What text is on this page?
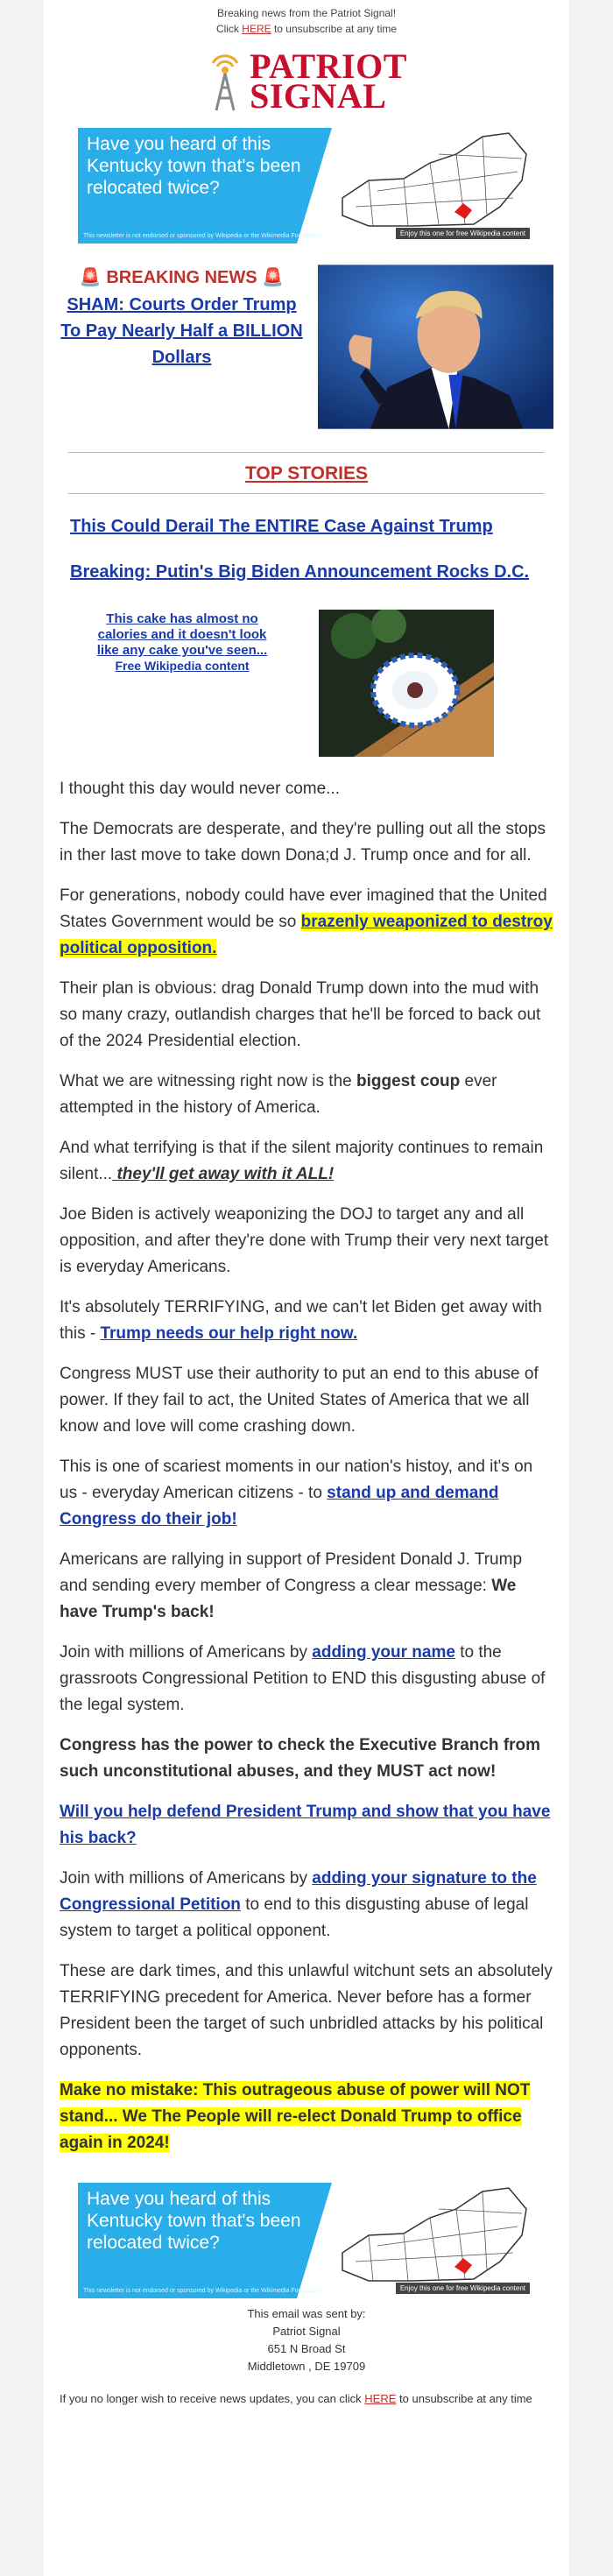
Breaking news from the Patriot Signal!
Click HERE to unsubscribe at any time
PATRIOT
SIGNAL
Have you heard of this Kentucky town that's been relocated twice?
This newsletter is not endorsed or sponsored by Wikipedia or the Wikimedia Foundation	Enjoy this one for free Wikipedia content
🚨 BREAKING NEWS 🚨
SHAM: Courts Order Trump To Pay Nearly Half a BILLION Dollars
TOP STORIES
This Could Derail The ENTIRE Case Against Trump
Breaking: Putin's Big Biden Announcement Rocks D.C.
This cake has almost no calories and it doesn't look like any cake you've seen...
Free Wikipedia content

I thought this day would never come...

The Democrats are desperate, and they're pulling out all the stops in ther last move to take down Dona;d J. Trump once and for all.

For generations, nobody could have ever imagined that the United States Government would be so brazenly weaponized to destroy political opposition.

Their plan is obvious: drag Donald Trump down into the mud with so many crazy, outlandish charges that he'll be forced to back out of the 2024 Presidential election.

What we are witnessing right now is the biggest coup ever attempted in the history of America.

And what terrifying is that if the silent majority continues to remain silent... they'll get away with it ALL!

Joe Biden is actively weaponizing the DOJ to target any and all opposition, and after they're done with Trump their very next target is everyday Americans.

It's absolutely TERRIFYING, and we can't let Biden get away with this - Trump needs our help right now.

Congress MUST use their authority to put an end to this abuse of power. If they fail to act, the United States of America that we all know and love will come crashing down.

This is one of scariest moments in our nation's histoy, and it's on us - everyday American citizens - to stand up and demand Congress do their job!

Americans are rallying in support of President Donald J. Trump and sending every member of Congress a clear message: We have Trump's back!

Join with millions of Americans by adding your name to the grassroots Congressional Petition to END this disgusting abuse of the legal system.

Congress has the power to check the Executive Branch from such unconstitutional abuses, and they MUST act now!

Will you help defend President Trump and show that you have his back?

Join with millions of Americans by adding your signature to the Congressional Petition to end to this disgusting abuse of legal system to target a political opponent.

These are dark times, and this unlawful witchunt sets an absolutely TERRIFYING precedent for America. Never before has a former President been the target of such unbridled attacks by his political opponents.

Make no mistake: This outrageous abuse of power will NOT stand... We The People will re-elect Donald Trump to office again in 2024!

Have you heard of this Kentucky town that's been relocated twice?
This newsletter is not endorsed or sponsored by Wikipedia or the Wikimedia Foundation	Enjoy this one for free Wikipedia content
This email was sent by:
Patriot Signal
651 N Broad St
Middletown , DE 19709
If you no longer wish to receive news updates, you can click HERE to unsubscribe at any time
